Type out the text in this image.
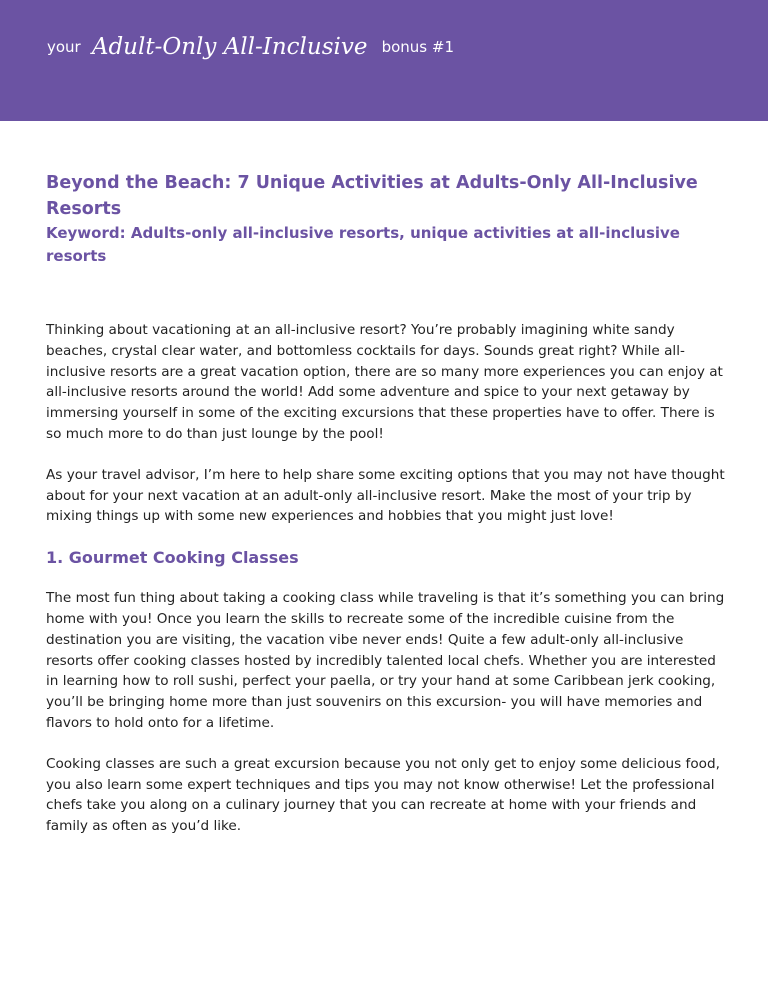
your Adult-Only All-Inclusive bonus #1
Beyond the Beach: 7 Unique Activities at Adults-Only All-Inclusive Resorts

Keyword: Adults-only all-inclusive resorts, unique activities at all-inclusive resorts

Thinking about vacationing at an all-inclusive resort? You’re probably imagining white sandy beaches, crystal clear water, and bottomless cocktails for days. Sounds great right? While all-inclusive resorts are a great vacation option, there are so many more experiences you can enjoy at all-inclusive resorts around the world! Add some adventure and spice to your next getaway by immersing yourself in some of the exciting excursions that these properties have to offer. There is so much more to do than just lounge by the pool!

As your travel advisor, I’m here to help share some exciting options that you may not have thought about for your next vacation at an adult-only all-inclusive resort. Make the most of your trip by mixing things up with some new experiences and hobbies that you might just love!

1. Gourmet Cooking Classes

The most fun thing about taking a cooking class while traveling is that it’s something you can bring home with you! Once you learn the skills to recreate some of the incredible cuisine from the destination you are visiting, the vacation vibe never ends! Quite a few adult-only all-inclusive resorts offer cooking classes hosted by incredibly talented local chefs. Whether you are interested in learning how to roll sushi, perfect your paella, or try your hand at some Caribbean jerk cooking, you’ll be bringing home more than just souvenirs on this excursion- you will have memories and flavors to hold onto for a lifetime.

Cooking classes are such a great excursion because you not only get to enjoy some delicious food, you also learn some expert techniques and tips you may not know otherwise! Let the professional chefs take you along on a culinary journey that you can recreate at home with your friends and family as often as you’d like.
